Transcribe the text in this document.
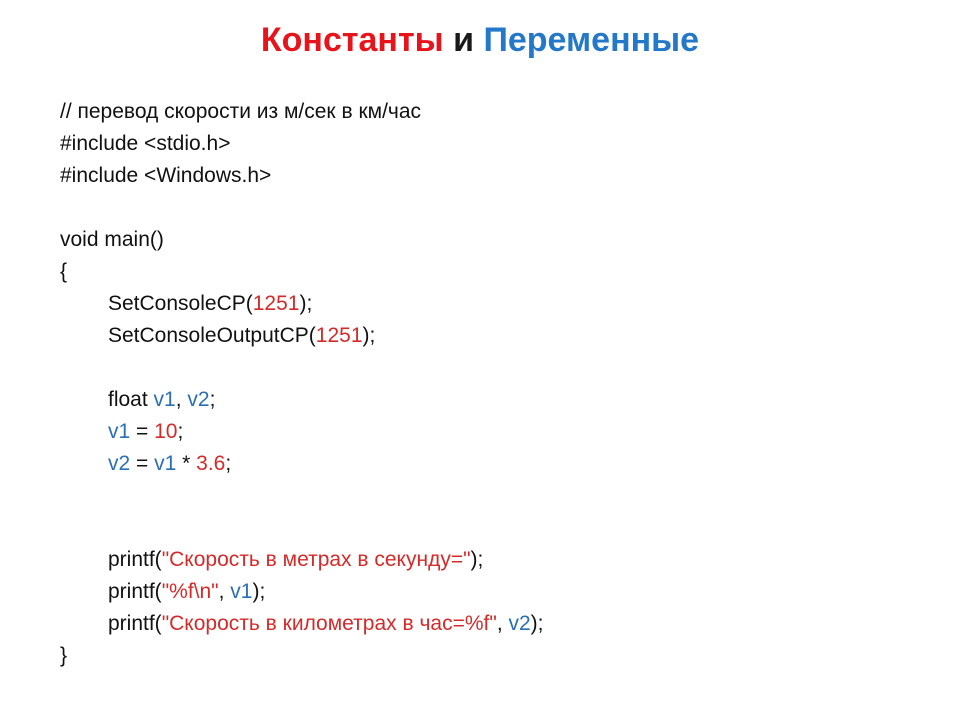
Константы и Переменные
// перевод скорости из м/сек в км/час
#include <stdio.h>
#include <Windows.h>
void main()
{
SetConsoleCP(1251);
SetConsoleOutputCP(1251);
float v1, v2;
v1 = 10;
v2 = v1 * 3.6;
printf("Скорость в метрах в секунду=");
printf("%f\n", v1);
printf("Скорость в километрах в час=%f", v2);
}
